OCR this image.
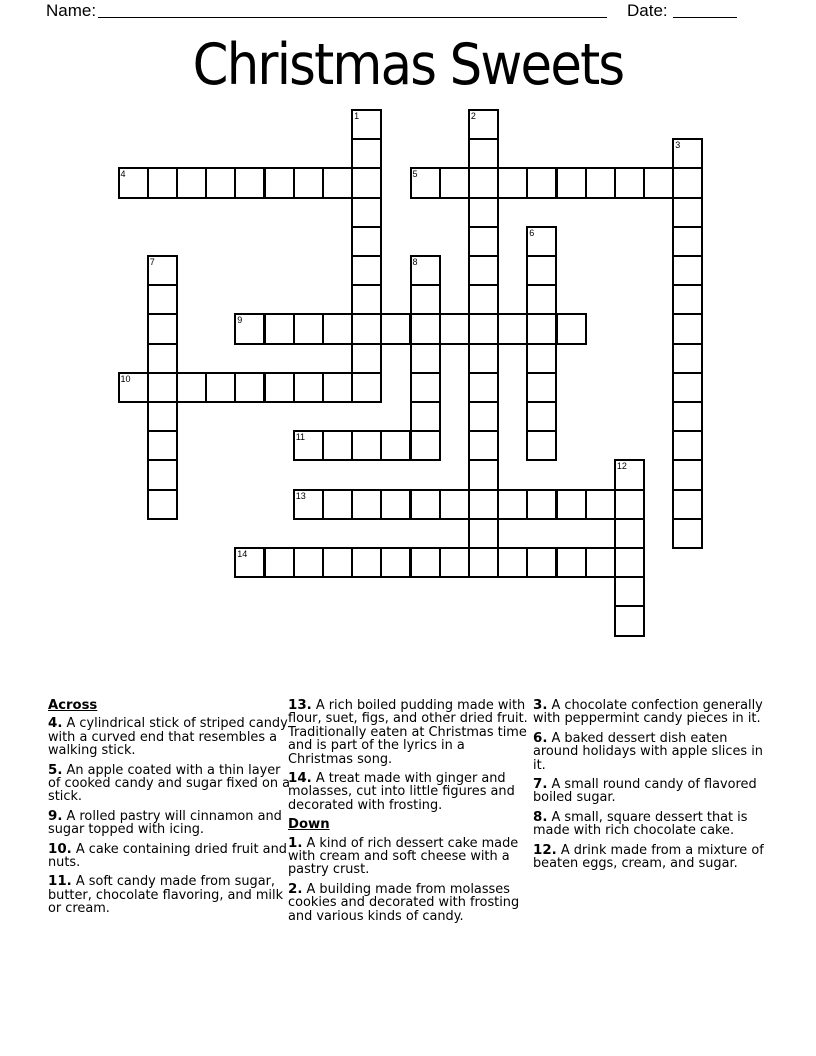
Name:	Date:
Christmas Sweets
1	2
3
4	5
6
7	8
9
10
11
12
13
14
Across

4. A cylindrical stick of striped candy with a curved end that resembles a walking stick.

5. An apple coated with a thin layer of cooked candy and sugar fixed on a stick.

9. A rolled pastry will cinnamon and sugar topped with icing.

10. A cake containing dried fruit and nuts.

11. A soft candy made from sugar, butter, chocolate flavoring, and milk or cream.

13. A rich boiled pudding made with flour, suet, figs, and other dried fruit. Traditionally eaten at Christmas time and is part of the lyrics in a Christmas song.

14. A treat made with ginger and molasses, cut into little figures and decorated with frosting.

Down

1. A kind of rich dessert cake made with cream and soft cheese with a pastry crust.

2. A building made from molasses cookies and decorated with frosting and various kinds of candy.

3. A chocolate confection generally with peppermint candy pieces in it.

6. A baked dessert dish eaten around holidays with apple slices in it.

7. A small round candy of flavored boiled sugar.

8. A small, square dessert that is made with rich chocolate cake.

12. A drink made from a mixture of beaten eggs, cream, and sugar.
